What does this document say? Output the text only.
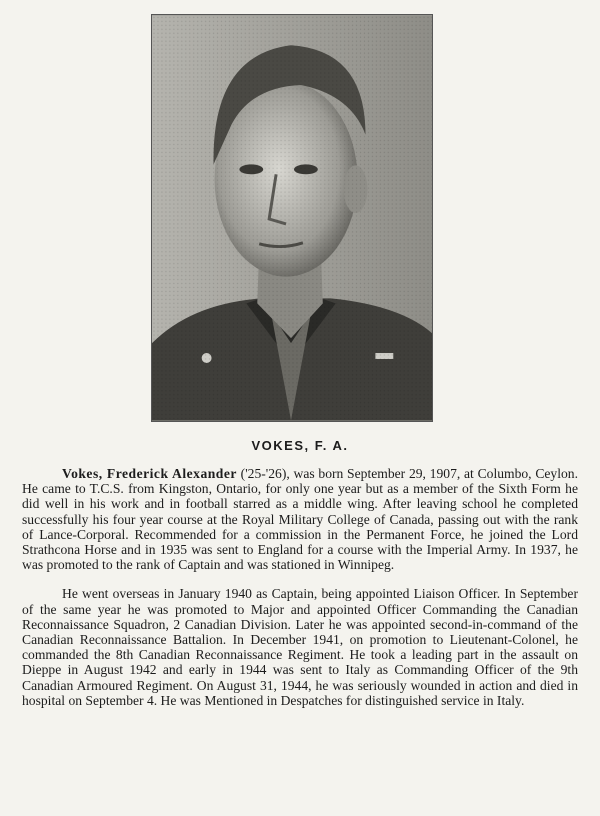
VOKES, F. A.

Vokes, Frederick Alexander ('25-'26), was born September 29, 1907, at Columbo, Ceylon. He came to T.C.S. from Kingston, Ontario, for only one year but as a member of the Sixth Form he did well in his work and in football starred as a middle wing. After leaving school he completed successfully his four year course at the Royal Military College of Canada, passing out with the rank of Lance-Corporal. Recommended for a commission in the Permanent Force, he joined the Lord Strathcona Horse and in 1935 was sent to England for a course with the Imperial Army. In 1937, he was promoted to the rank of Captain and was stationed in Winnipeg.

He went overseas in January 1940 as Captain, being appointed Liaison Officer. In September of the same year he was promoted to Major and appointed Officer Commanding the Canadian Reconnaissance Squadron, 2 Canadian Division. Later he was appointed second-in-command of the Canadian Reconnaissance Battalion. In December 1941, on promotion to Lieutenant-Colonel, he commanded the 8th Canadian Reconnaissance Regiment. He took a leading part in the assault on Dieppe in August 1942 and early in 1944 was sent to Italy as Commanding Officer of the 9th Canadian Armoured Regiment. On August 31, 1944, he was seriously wounded in action and died in hospital on September 4. He was Mentioned in Despatches for distinguished service in Italy.
